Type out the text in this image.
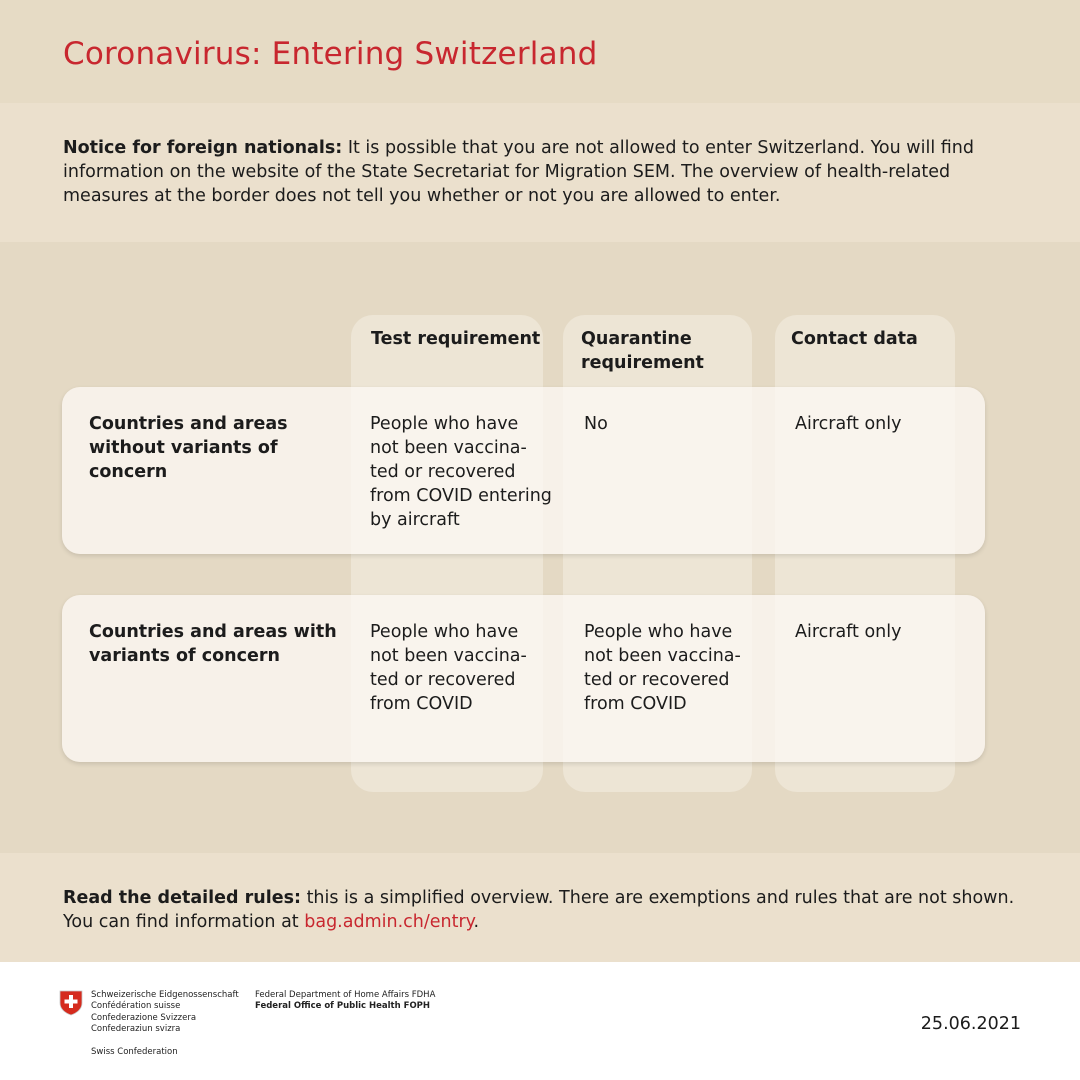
Coronavirus: Entering Switzerland

Notice for foreign nationals: It is possible that you are not allowed to enter Switzerland. You will find information on the website of the State Secretariat for Migration SEM. The overview of health-related measures at the border does not tell you whether or not you are allowed to enter.

Test requirement Quarantine
requirement
Contact data
Countries and areas
without variants of
concern
People who have
not been vaccina-
ted or recovered
from COVID entering
by aircraft
No	Aircraft only
Countries and areas with
variants of concern
People who have
not been vaccina-
ted or recovered
from COVID
People who have
not been vaccina-
ted or recovered
from COVID
Aircraft only

Read the detailed rules: this is a simplified overview. There are exemptions and rules that are not shown. You can find information at bag.admin.ch/entry.

Schweizerische Eidgenossenschaft
Confédération suisse
Confederazione Svizzera
Confederaziun svizra
Swiss Confederation
Federal Department of Home Affairs FDHA
Federal Office of Public Health FOPH
25.06.2021
